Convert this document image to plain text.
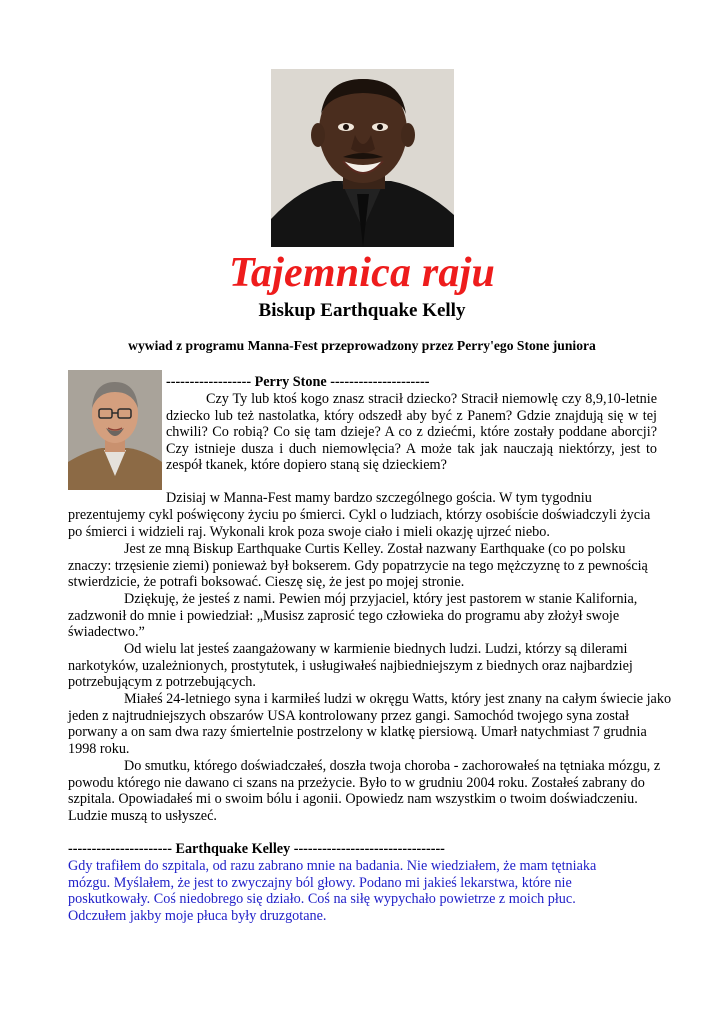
Tajemnica raju
Biskup Earthquake Kelly
wywiad z programu Manna-Fest przeprowadzony przez Perry'ego Stone juniora
------------------ Perry Stone ---------------------
Czy Ty lub ktoś kogo znasz stracił dziecko? Stracił niemowlę czy 8,9,10-letnie dziecko lub też nastolatka, który odszedł aby być z Panem? Gdzie znajdują się w tej chwili? Co robią? Co się tam dzieje? A co z dziećmi, które zostały poddane aborcji? Czy istnieje dusza i duch niemowlęcia? A może tak jak nauczają niektórzy, jest to zespół tkanek, które dopiero staną się dzieckiem?
Dzisiaj w Manna-Fest mamy bardzo szczególnego gościa. W tym tygodniu
prezentujemy cykl poświęcony życiu po śmierci. Cykl o ludziach, którzy osobiście doświadczyli życia po śmierci i widzieli raj. Wykonali krok poza swoje ciało i mieli okazję ujrzeć niebo.
Jest ze mną Biskup Earthquake Curtis Kelley. Został nazwany Earthquake (co po polsku znaczy: trzęsienie ziemi) ponieważ był bokserem. Gdy popatrzycie na tego mężczyznę to z pewnością stwierdzicie, że potrafi boksować. Cieszę się, że jest po mojej stronie.
Dziękuję, że jesteś z nami. Pewien mój przyjaciel, który jest pastorem w stanie Kalifornia, zadzwonił do mnie i powiedział: „Musisz zaprosić tego człowieka do programu aby złożył swoje świadectwo.”
Od wielu lat jesteś zaangażowany w karmienie biednych ludzi. Ludzi, którzy są dilerami narkotyków, uzależnionych, prostytutek, i usługiwałeś najbiedniejszym z biednych oraz najbardziej potrzebującym z potrzebujących.
Miałeś 24-letniego syna i karmiłeś ludzi w okręgu Watts, który jest znany na całym świecie jako jeden z najtrudniejszych obszarów USA kontrolowany przez gangi. Samochód twojego syna został porwany a on sam dwa razy śmiertelnie postrzelony w klatkę piersiową. Umarł natychmiast 7 grudnia 1998 roku.
Do smutku, którego doświadczałeś, doszła twoja choroba - zachorowałeś na tętniaka mózgu, z powodu którego nie dawano ci szans na przeżycie. Było to w grudniu 2004 roku. Zostałeś zabrany do szpitala. Opowiadałeś mi o swoim bólu i agonii. Opowiedz nam wszystkim o twoim doświadczeniu. Ludzie muszą to usłyszeć.
---------------------- Earthquake Kelley --------------------------------
Gdy trafiłem do szpitala, od razu zabrano mnie na badania. Nie wiedziałem, że mam tętniaka mózgu. Myślałem, że jest to zwyczajny ból głowy. Podano mi jakieś lekarstwa, które nie poskutkowały. Coś niedobrego się działo. Coś na siłę wypychało powietrze z moich płuc. Odczułem jakby moje płuca były druzgotane.
